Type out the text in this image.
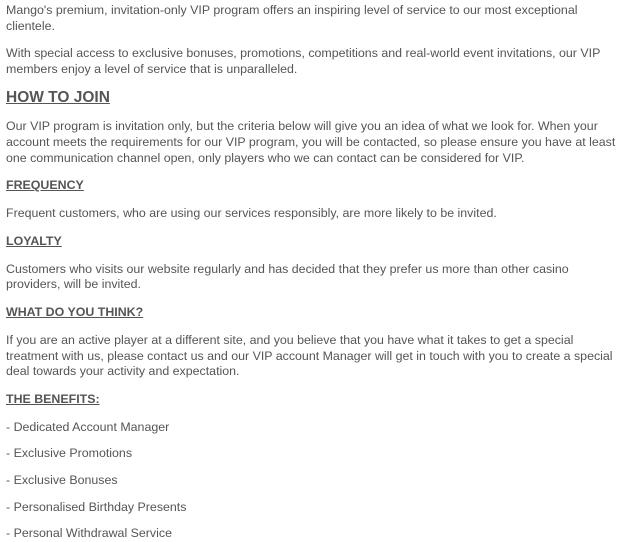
Mango's premium, invitation-only VIP program offers an inspiring level of service to our most exceptional clientele.

With special access to exclusive bonuses, promotions, competitions and real-world event invitations, our VIP members enjoy a level of service that is unparalleled.

HOW TO JOIN

Our VIP program is invitation only, but the criteria below will give you an idea of what we look for. When your account meets the requirements for our VIP program, you will be contacted, so please ensure you have at least one communication channel open, only players who we can contact can be considered for VIP.

FREQUENCY

Frequent customers, who are using our services responsibly, are more likely to be invited.

LOYALTY

Customers who visits our website regularly and has decided that they prefer us more than other casino providers, will be invited.

WHAT DO YOU THINK?

If you are an active player at a different site, and you believe that you have what it takes to get a special treatment with us, please contact us and our VIP account Manager will get in touch with you to create a special deal towards your activity and expectation.

THE BENEFITS:
- Dedicated Account Manager
- Exclusive Promotions
- Exclusive Bonuses
- Personalised Birthday Presents
- Personal Withdrawal Service
